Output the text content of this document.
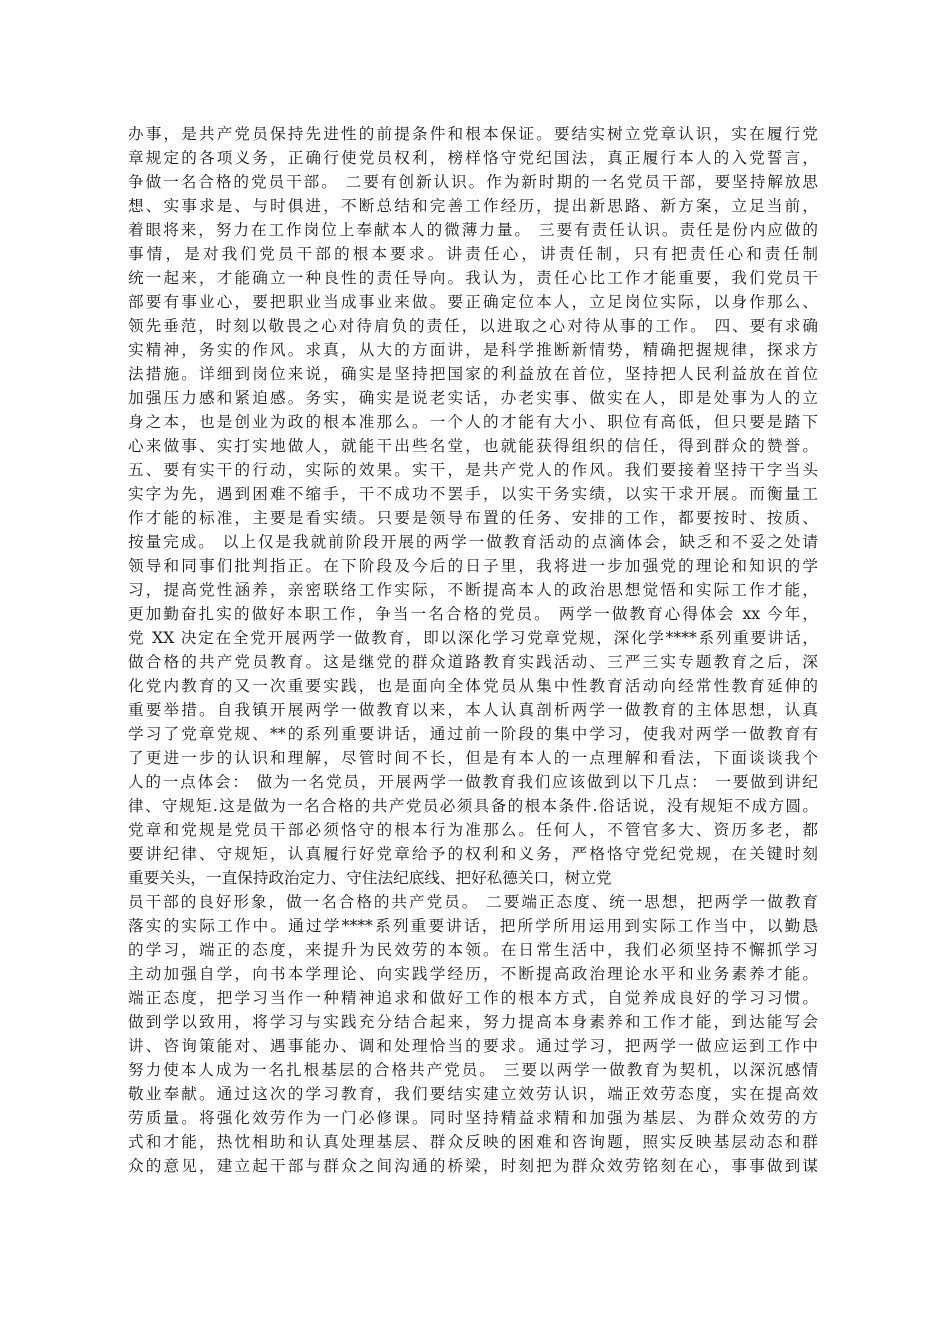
办事，是共产党员保持先进性的前提条件和根本保证。要结实树立党章认识，实在履行党
章规定的各项义务，正确行使党员权利，榜样恪守党纪国法，真正履行本人的入党誓言，
争做一名合格的党员干部。 二要有创新认识。作为新时期的一名党员干部，要坚持解放思
想、实事求是、与时俱进，不断总结和完善工作经历，提出新思路、新方案，立足当前，
着眼将来，努力在工作岗位上奉献本人的微薄力量。 三要有责任认识。责任是份内应做的
事情，是对我们党员干部的根本要求。讲责任心，讲责任制，只有把责任心和责任制
统一起来，才能确立一种良性的责任导向。我认为，责任心比工作才能重要，我们党员干
部要有事业心，要把职业当成事业来做。要正确定位本人，立足岗位实际，以身作那么、
领先垂范，时刻以敬畏之心对待肩负的责任，以进取之心对待从事的工作。 四、要有求确
实精神，务实的作风。求真，从大的方面讲，是科学推断新情势，精确把握规律，探求方
法措施。详细到岗位来说，确实是坚持把国家的利益放在首位，坚持把人民利益放在首位
加强压力感和紧迫感。务实，确实是说老实话，办老实事、做实在人，即是处事为人的立
身之本，也是创业为政的根本准那么。一个人的才能有大小、职位有高低，但只要是踏下
心来做事、实打实地做人，就能干出些名堂，也就能获得组织的信任，得到群众的赞誉。
五、要有实干的行动，实际的效果。实干，是共产党人的作风。我们要接着坚持干字当头
实字为先，遇到困难不缩手，干不成功不罢手，以实干务实绩，以实干求开展。而衡量工
作才能的标准，主要是看实绩。只要是领导布置的任务、安排的工作，都要按时、按质、
按量完成。 以上仅是我就前阶段开展的两学一做教育活动的点滴体会，缺乏和不妥之处请
领导和同事们批判指正。在下阶段及今后的日子里，我将进一步加强党的理论和知识的学
习，提高党性涵养，亲密联络工作实际，不断提高本人的政治思想觉悟和实际工作才能，
更加勤奋扎实的做好本职工作，争当一名合格的党员。 两学一做教育心得体会 xx 今年，
党 XX 决定在全党开展两学一做教育，即以深化学习党章党规，深化学****系列重要讲话，
做合格的共产党员教育。这是继党的群众道路教育实践活动、三严三实专题教育之后，深
化党内教育的又一次重要实践，也是面向全体党员从集中性教育活动向经常性教育延伸的
重要举措。自我镇开展两学一做教育以来，本人认真剖析两学一做教育的主体思想，认真
学习了党章党规、**的系列重要讲话，通过前一阶段的集中学习，使我对两学一做教育有
了更进一步的认识和理解，尽管时间不长，但是有本人的一点理解和看法，下面谈谈我个
人的一点体会： 做为一名党员，开展两学一做教育我们应该做到以下几点： 一要做到讲纪
律、守规矩.这是做为一名合格的共产党员必须具备的根本条件.俗话说，没有规矩不成方圆。
党章和党规是党员干部必须恪守的根本行为准那么。任何人，不管官多大、资历多老，都
要讲纪律、守规矩，认真履行好党章给予的权利和义务，严格恪守党纪党规，在关键时刻
重要关头，一直保持政治定力、守住法纪底线、把好私德关口，树立党
员干部的良好形象，做一名合格的共产党员。 二要端正态度、统一思想，把两学一做教育
落实的实际工作中。通过学****系列重要讲话，把所学所用运用到实际工作当中，以勤恳
的学习，端正的态度，来提升为民效劳的本领。在日常生活中，我们必须坚持不懈抓学习
主动加强自学，向书本学理论、向实践学经历，不断提高政治理论水平和业务素养才能。
端正态度，把学习当作一种精神追求和做好工作的根本方式，自觉养成良好的学习习惯。
做到学以致用，将学习与实践充分结合起来，努力提高本身素养和工作才能，到达能写会
讲、咨询策能对、遇事能办、调和处理恰当的要求。通过学习，把两学一做应运到工作中
努力使本人成为一名扎根基层的合格共产党员。 三要以两学一做教育为契机，以深沉感情
敬业奉献。通过这次的学习教育，我们要结实建立效劳认识，端正效劳态度，实在提高效
劳质量。将强化效劳作为一门必修课。同时坚持精益求精和加强为基层、为群众效劳的方
式和才能，热忱相助和认真处理基层、群众反映的困难和咨询题，照实反映基层动态和群
众的意见，建立起干部与群众之间沟通的桥梁，时刻把为群众效劳铭刻在心，事事做到谋
